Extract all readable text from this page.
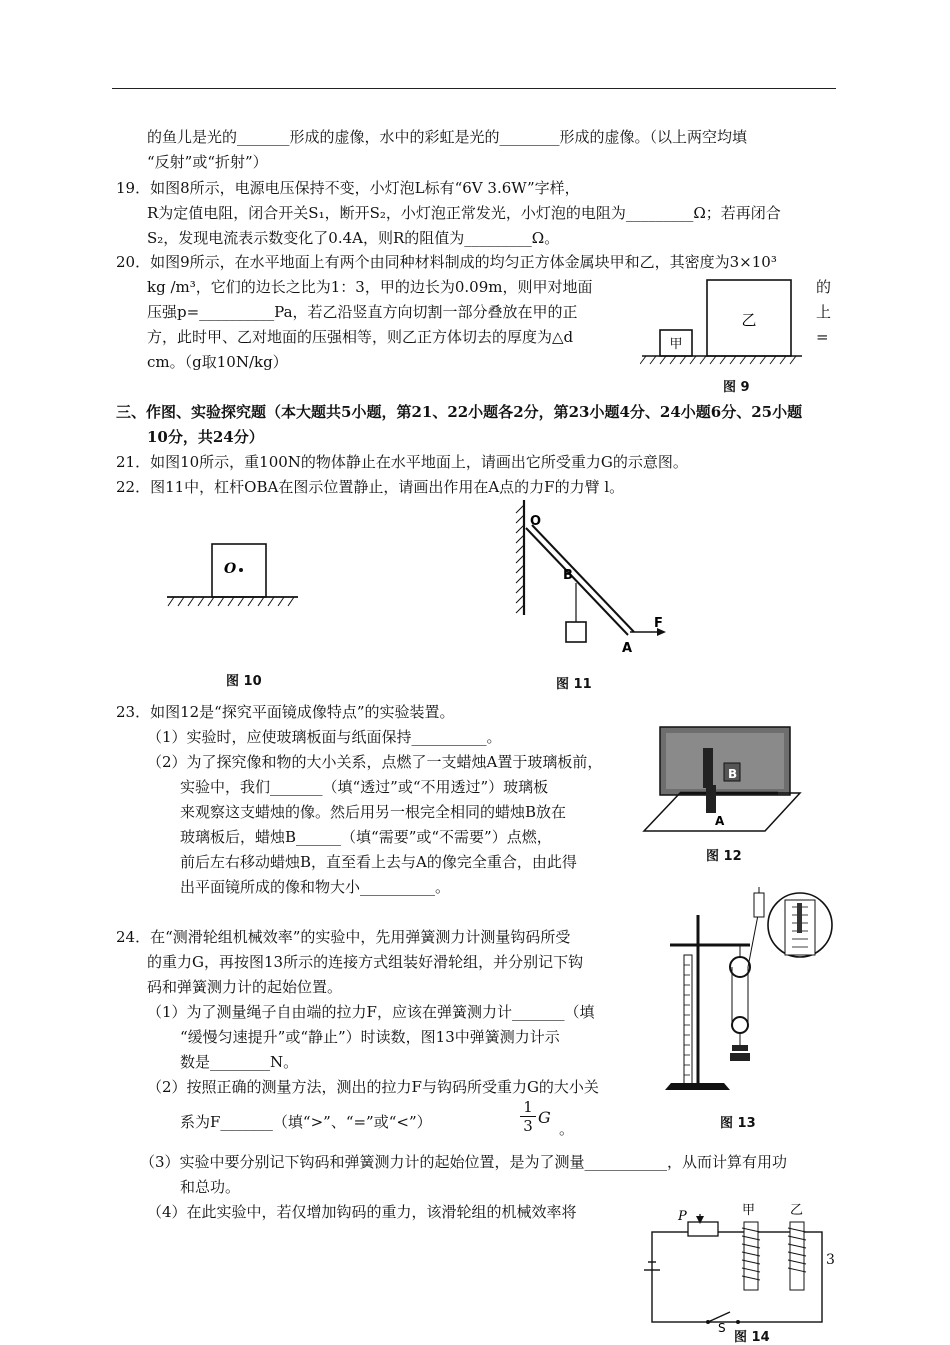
的鱼儿是光的_______形成的虚像，水中的彩虹是光的________形成的虚像。（以上两空均填
“反射”或“折射”）
19．如图8所示，电源电压保持不变，小灯泡L标有“6V 3.6W”字样，
R为定值电阻，闭合开关S₁，断开S₂，小灯泡正常发光，小灯泡的电阻为_________Ω；若再闭合
S₂，发现电流表示数变化了0.4A，则R的阻值为_________Ω。
20．如图9所示，在水平地面上有两个由同种材料制成的均匀正方体金属块甲和乙，其密度为3×10³
kg /m³，它们的边长之比为1：3，甲的边长为0.09m，则甲对地面
压强p=__________Pa，若乙沿竖直方向切割一部分叠放在甲的正
方，此时甲、乙对地面的压强相等，则乙正方体切去的厚度为△d
cm。（g取10N/kg）
三、作图、实验探究题（本大题共5小题，第21、22小题各2分，第23小题4分、24小题6分、25小题
10分，共24分）
21．如图10所示，重100N的物体静止在水平地面上，请画出它所受重力G的示意图。
22．图11中，杠杆OBA在图示位置静止，请画出作用在A点的力F的力臂 l。
23．如图12是“探究平面镜成像特点”的实验装置。
（1）实验时，应使玻璃板面与纸面保持__________。
（2）为了探究像和物的大小关系，点燃了一支蜡烛A置于玻璃板前，
实验中，我们_______（填“透过”或“不用透过”）玻璃板
来观察这支蜡烛的像。然后用另一根完全相同的蜡烛B放在
玻璃板后，蜡烛B______（填“需要”或“不需要”）点燃，
前后左右移动蜡烛B，直至看上去与A的像完全重合，由此得
出平面镜所成的像和物大小__________。
24．在“测滑轮组机械效率”的实验中，先用弹簧测力计测量钩码所受
的重力G，再按图13所示的连接方式组装好滑轮组，并分别记下钩
码和弹簧测力计的起始位置。
（1）为了测量绳子自由端的拉力F，应该在弹簧测力计_______（填
“缓慢匀速提升”或“静止”）时读数，图13中弹簧测力计示
数是________N。
（2）按照正确的测量方法，测出的拉力F与钩码所受重力G的大小关
系为F_______（填“>”、“=”或“<”）
（3）实验中要分别记下钩码和弹簧测力计的起始位置，是为了测量___________，从而计算有用功
和总功。
（4）在此实验中，若仅增加钩码的重力，该滑轮组的机械效率将
的
上
=
$\frac{1}{3}$ G
。
甲
乙
图 9
O
图 10
O
B
A
F
图 11
B
A
图 12
图 13
P	甲	乙
S
图 14
3
